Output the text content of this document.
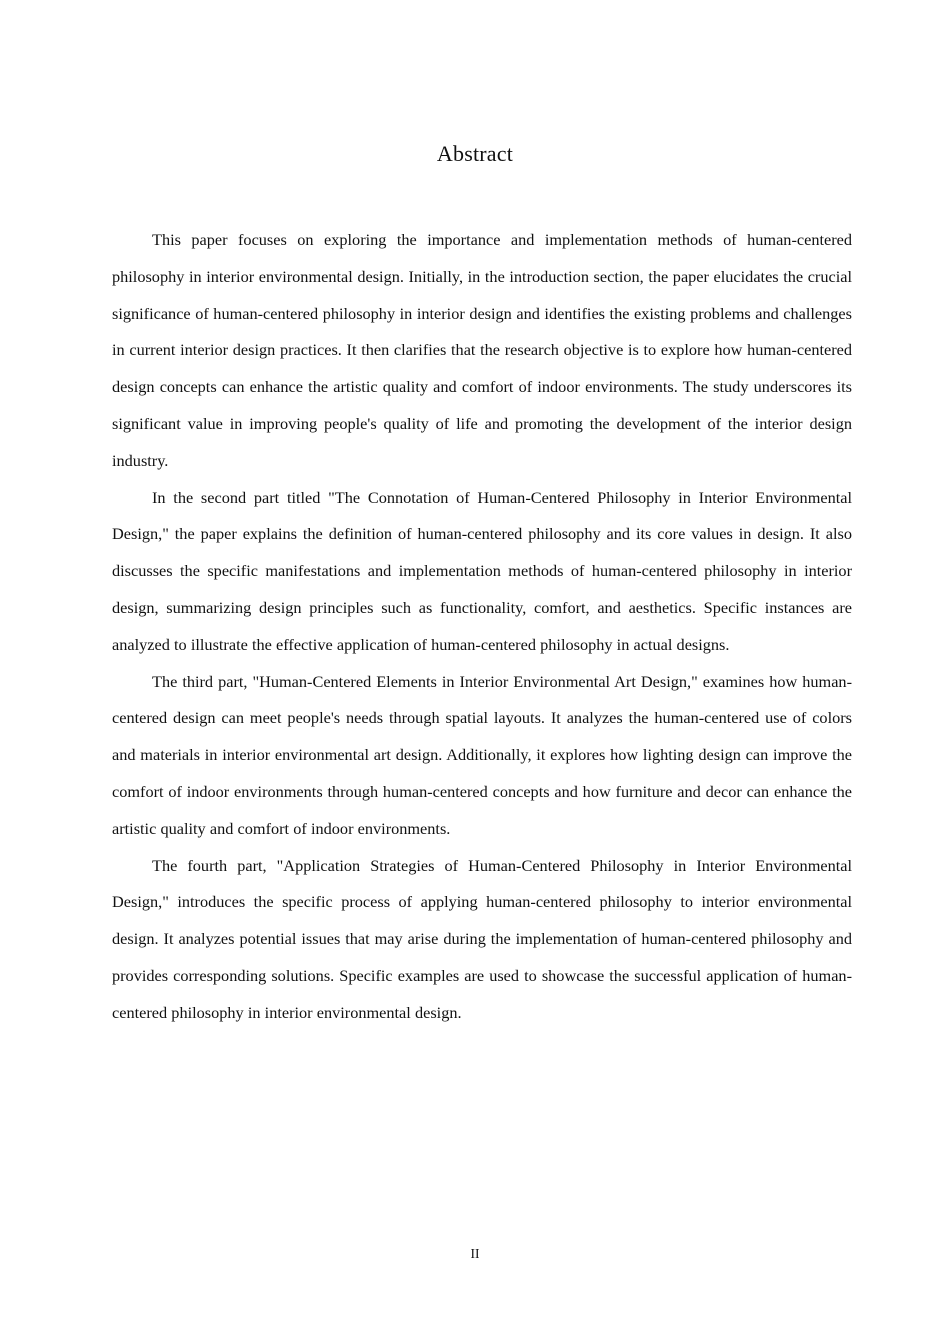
Abstract

This paper focuses on exploring the importance and implementation methods of human-centered philosophy in interior environmental design. Initially, in the introduction section, the paper elucidates the crucial significance of human-centered philosophy in interior design and identifies the existing problems and challenges in current interior design practices. It then clarifies that the research objective is to explore how human-centered design concepts can enhance the artistic quality and comfort of indoor environments. The study underscores its significant value in improving people's quality of life and promoting the development of the interior design industry.

In the second part titled "The Connotation of Human-Centered Philosophy in Interior Environmental Design," the paper explains the definition of human-centered philosophy and its core values in design. It also discusses the specific manifestations and implementation methods of human-centered philosophy in interior design, summarizing design principles such as functionality, comfort, and aesthetics. Specific instances are analyzed to illustrate the effective application of human-centered philosophy in actual designs.

The third part, "Human-Centered Elements in Interior Environmental Art Design," examines how human-centered design can meet people's needs through spatial layouts. It analyzes the human-centered use of colors and materials in interior environmental art design. Additionally, it explores how lighting design can improve the comfort of indoor environments through human-centered concepts and how furniture and decor can enhance the artistic quality and comfort of indoor environments.

The fourth part, "Application Strategies of Human-Centered Philosophy in Interior Environmental Design," introduces the specific process of applying human-centered philosophy to interior environmental design. It analyzes potential issues that may arise during the implementation of human-centered philosophy and provides corresponding solutions. Specific examples are used to showcase the successful application of human-centered philosophy in interior environmental design.

II
